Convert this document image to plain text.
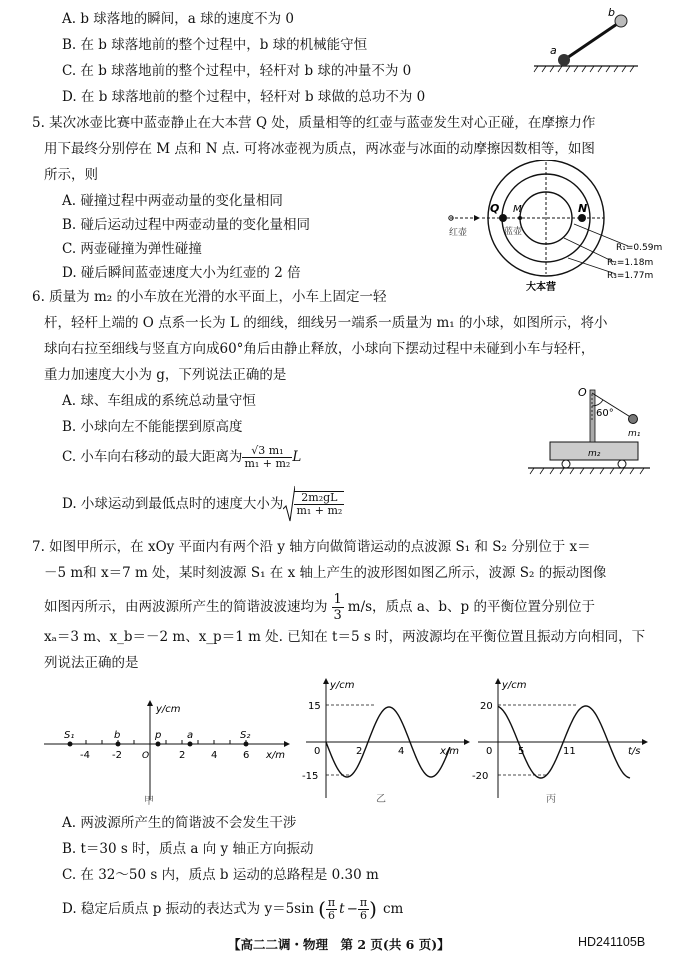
A. b 球落地的瞬间，a 球的速度不为 0
B. 在 b 球落地前的整个过程中，b 球的机械能守恒
C. 在 b 球落地前的整个过程中，轻杆对 b 球的冲量不为 0
D. 在 b 球落地前的整个过程中，轻杆对 b 球做的总功不为 0
a
b
5. 某次冰壶比赛中蓝壶静止在大本营 Q 处，质量相等的红壶与蓝壶发生对心正碰，在摩擦力作
用下最终分别停在 M 点和 N 点. 可将冰壶视为质点，两冰壶与冰面的动摩擦因数相等，如图
所示，则
A. 碰撞过程中两壶动量的变化量相同
B. 碰后运动过程中两壶动量的变化量相同
C. 两壶碰撞为弹性碰撞
D. 碰后瞬间蓝壶速度大小为红壶的 2 倍
Q M	N
红壶	蓝壶
R₁=0.59m
R₂=1.18m
R₃=1.77m
大本营
6. 质量为 m₂ 的小车放在光滑的水平面上，小车上固定一轻
杆，轻杆上端的 O 点系一长为 L 的细线，细线另一端系一质量为 m₁ 的小球，如图所示，将小
球向右拉至细线与竖直方向成60°角后由静止释放，小球向下摆动过程中未碰到小车与轻杆，
重力加速度大小为 g，下列说法正确的是
A. 球、车组成的系统总动量守恒
B. 小球向左不能能摆到原高度
C. 小车向右移动的最大距离为 $\frac{\text{√3 m₁}}{\text{m₁ + m₂}}$ L
D. 小球运动到最低点时的速度大小为 $\frac{\text{2m₂gL}}{\text{m₁ + m₂}}$
O
60°
m₁
m₂
7. 如图甲所示，在 xOy 平面内有两个沿 y 轴方向做简谐运动的点波源 S₁ 和 S₂ 分别位于 x＝
－5 m和 x＝7 m 处，某时刻波源 S₁ 在 x 轴上产生的波形图如图乙所示，波源 S₂ 的振动图像
如图丙所示，由两波源所产生的简谐波波速均为 $\frac{1}{3} m/s$，质点 a、b、p 的平衡位置分别位于
xₐ＝3 m、x_b＝－2 m、x_p＝1 m 处. 已知在 t＝5 s 时，两波源均在平衡位置且振动方向相同，下
列说法正确的是
y/cm
x/m
-4 -2 O	2	4	6
S₁	b	p	a	S₂
甲
y/cm
x/m
15
-15
0	2	4
乙
y/cm
t/s
20
-20
0	5	11
丙
A. 两波源所产生的简谐波不会发生干涉
B. t＝30 s 时，质点 a 向 y 轴正方向振动
C. 在 32～50 s 内，质点 b 运动的总路程是 0.30 m
D. 稳定后质点 p 振动的表达式为 y＝5sin ( $\frac{\pi}{6}$ $t - \frac{\pi}{6}$ ) cm
【高二二调・物理　第 2 页(共 6 页)】	HD241105B
